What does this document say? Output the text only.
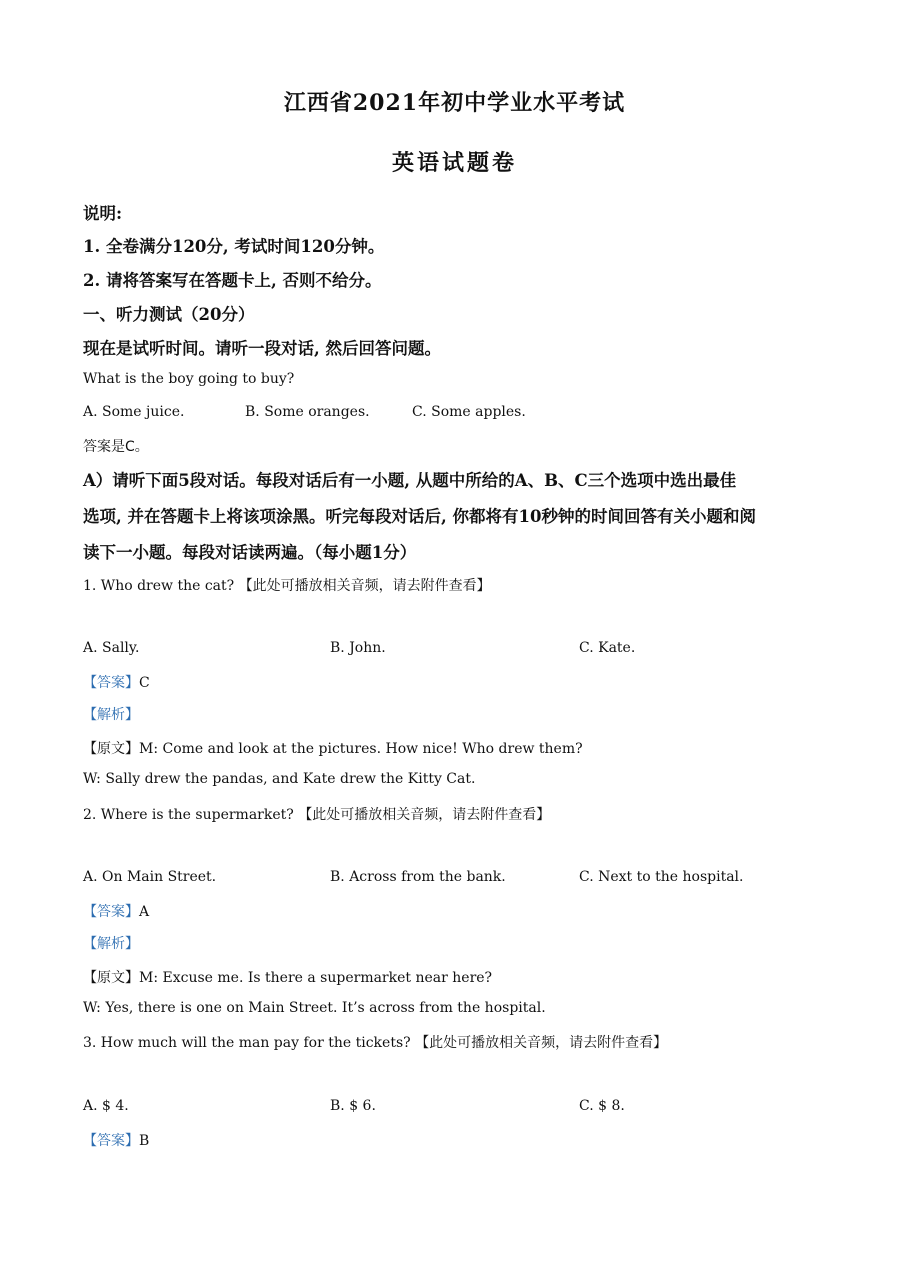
江西省2021年初中学业水平考试
英语试题卷
说明:
1. 全卷满分120分, 考试时间120分钟。
2. 请将答案写在答题卡上, 否则不给分。
一、听力测试（20分）
现在是试听时间。请听一段对话, 然后回答问题。
What is the boy going to buy?
A. Some juice.	B. Some oranges.	C. Some apples.
答案是C。
A）请听下面5段对话。每段对话后有一小题, 从题中所给的A、B、C三个选项中选出最佳
选项, 并在答题卡上将该项涂黑。听完每段对话后, 你都将有10秒钟的时间回答有关小题和阅
读下一小题。每段对话读两遍。（每小题1分）
1. Who drew the cat? 【此处可播放相关音频，请去附件查看】
A. Sally.	B. John.	C. Kate.
【答案】C
【解析】
【原文】M: Come and look at the pictures. How nice! Who drew them?
W: Sally drew the pandas, and Kate drew the Kitty Cat.
2. Where is the supermarket? 【此处可播放相关音频，请去附件查看】
A. On Main Street.	B. Across from the bank.	C. Next to the hospital.
【答案】A
【解析】
【原文】M: Excuse me. Is there a supermarket near here?
W: Yes, there is one on Main Street. It’s across from the hospital.
3. How much will the man pay for the tickets? 【此处可播放相关音频，请去附件查看】
A. $ 4.	B. $ 6.	C. $ 8.
【答案】B
